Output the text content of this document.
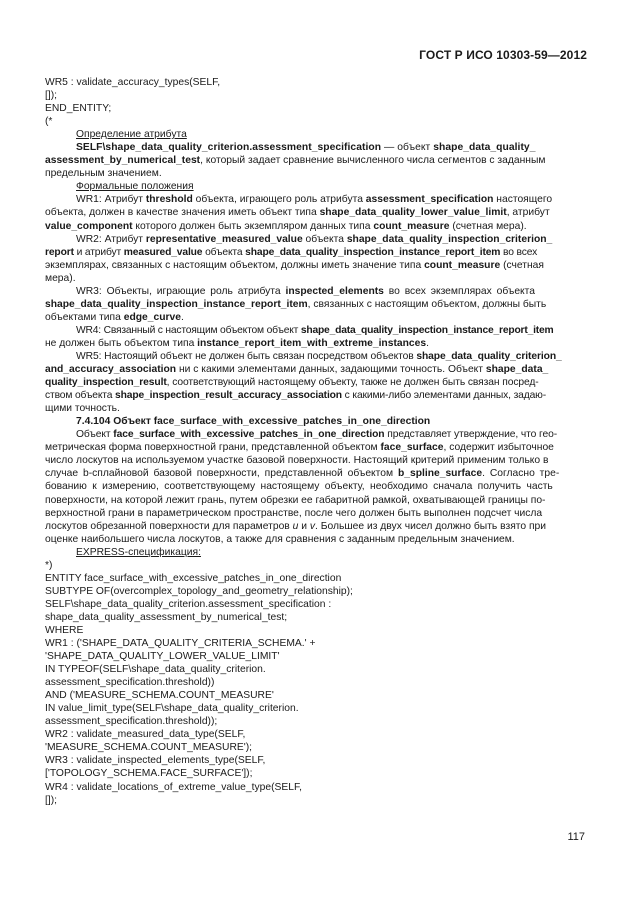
ГОСТ Р ИСО 10303-59—2012
WR5 : validate_accuracy_types(SELF,
[]);
END_ENTITY;
(*
Определение атрибута
SELF\shape_data_quality_criterion.assessment_specification — объект shape_data_quality_
assessment_by_numerical_test, который задает сравнение вычисленного числа сегментов с заданным
предельным значением.
Формальные положения
WR1: Атрибут threshold объекта, играющего роль атрибута assessment_specification настоящего
объекта, должен в качестве значения иметь объект типа shape_data_quality_lower_value_limit, атрибут
value_component которого должен быть экземпляром данных типа count_measure (счетная мера).
WR2: Атрибут representative_measured_value объекта shape_data_quality_inspection_criterion_
report и атрибут measured_value объекта shape_data_quality_inspection_instance_report_item во всех
экземплярах, связанных с настоящим объектом, должны иметь значение типа count_measure (счетная
мера).
WR3: Объекты, играющие роль атрибута inspected_elements во всех экземплярах объекта
shape_data_quality_inspection_instance_report_item, связанных с настоящим объектом, должны быть
объектами типа edge_curve.
WR4: Связанный с настоящим объектом объект shape_data_quality_inspection_instance_report_item
не должен быть объектом типа instance_report_item_with_extreme_instances.
WR5: Настоящий объект не должен быть связан посредством объектов shape_data_quality_criterion_
and_accuracy_association ни с какими элементами данных, задающими точность. Объект shape_data_
quality_inspection_result, соответствующий настоящему объекту, также не должен быть связан посред-
ством объекта shape_inspection_result_accuracy_association с какими-либо элементами данных, задаю-
щими точность.
7.4.104 Объект face_surface_with_excessive_patches_in_one_direction
Объект face_surface_with_excessive_patches_in_one_direction представляет утверждение, что гео-
метрическая форма поверхностной грани, представленной объектом face_surface, содержит избыточное
число лоскутов на используемом участке базовой поверхности. Настоящий критерий применим только в
случае b-сплайновой базовой поверхности, представленной объектом b_spline_surface. Согласно тре-
бованию к измерению, соответствующему настоящему объекту, необходимо сначала получить часть
поверхности, на которой лежит грань, путем обрезки ее габаритной рамкой, охватывающей границы по-
верхностной грани в параметрическом пространстве, после чего должен быть выполнен подсчет числа
лоскутов обрезанной поверхности для параметров u и v. Большее из двух чисел должно быть взято при
оценке наибольшего числа лоскутов, а также для сравнения с заданным предельным значением.
EXPRESS-спецификация:
*)
ENTITY face_surface_with_excessive_patches_in_one_direction
SUBTYPE OF(overcomplex_topology_and_geometry_relationship);
SELF\shape_data_quality_criterion.assessment_specification :
shape_data_quality_assessment_by_numerical_test;
WHERE
WR1 : ('SHAPE_DATA_QUALITY_CRITERIA_SCHEMA.' +
'SHAPE_DATA_QUALITY_LOWER_VALUE_LIMIT'
IN TYPEOF(SELF\shape_data_quality_criterion.
assessment_specification.threshold))
AND ('MEASURE_SCHEMA.COUNT_MEASURE'
IN value_limit_type(SELF\shape_data_quality_criterion.
assessment_specification.threshold));
WR2 : validate_measured_data_type(SELF,
'MEASURE_SCHEMA.COUNT_MEASURE');
WR3 : validate_inspected_elements_type(SELF,
['TOPOLOGY_SCHEMA.FACE_SURFACE']);
WR4 : validate_locations_of_extreme_value_type(SELF,
[]);
117
